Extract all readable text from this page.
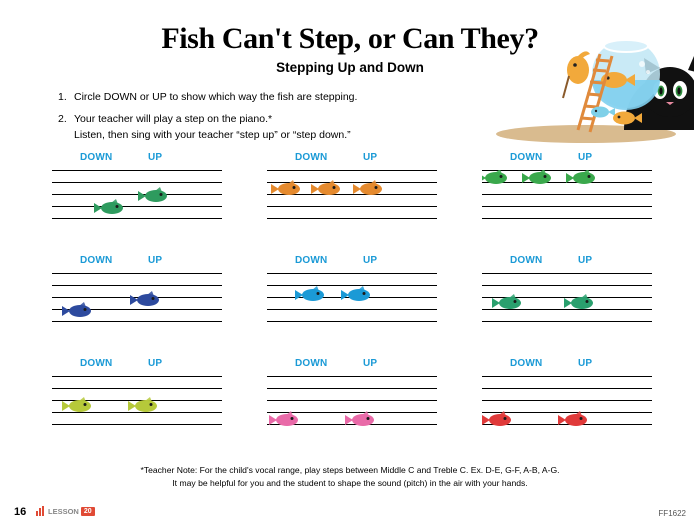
Fish Can't Step, or Can They?
Stepping Up and Down
1. Circle DOWN or UP to show which way the fish are stepping.
2. Your teacher will play a step on the piano.*
Listen, then sing with your teacher “step up” or “step down.”
DOWN	UP	DOWN	UP	DOWN	UP
DOWN	UP	DOWN	UP	DOWN	UP
DOWN	UP	DOWN	UP	DOWN	UP
*Teacher Note: For the child's vocal range, play steps between Middle C and Treble C. Ex. D-E, G-F, A-B, A-G.
It may be helpful for you and the student to shape the sound (pitch) in the air with your hands.
16	LESSON 20	FF1622
